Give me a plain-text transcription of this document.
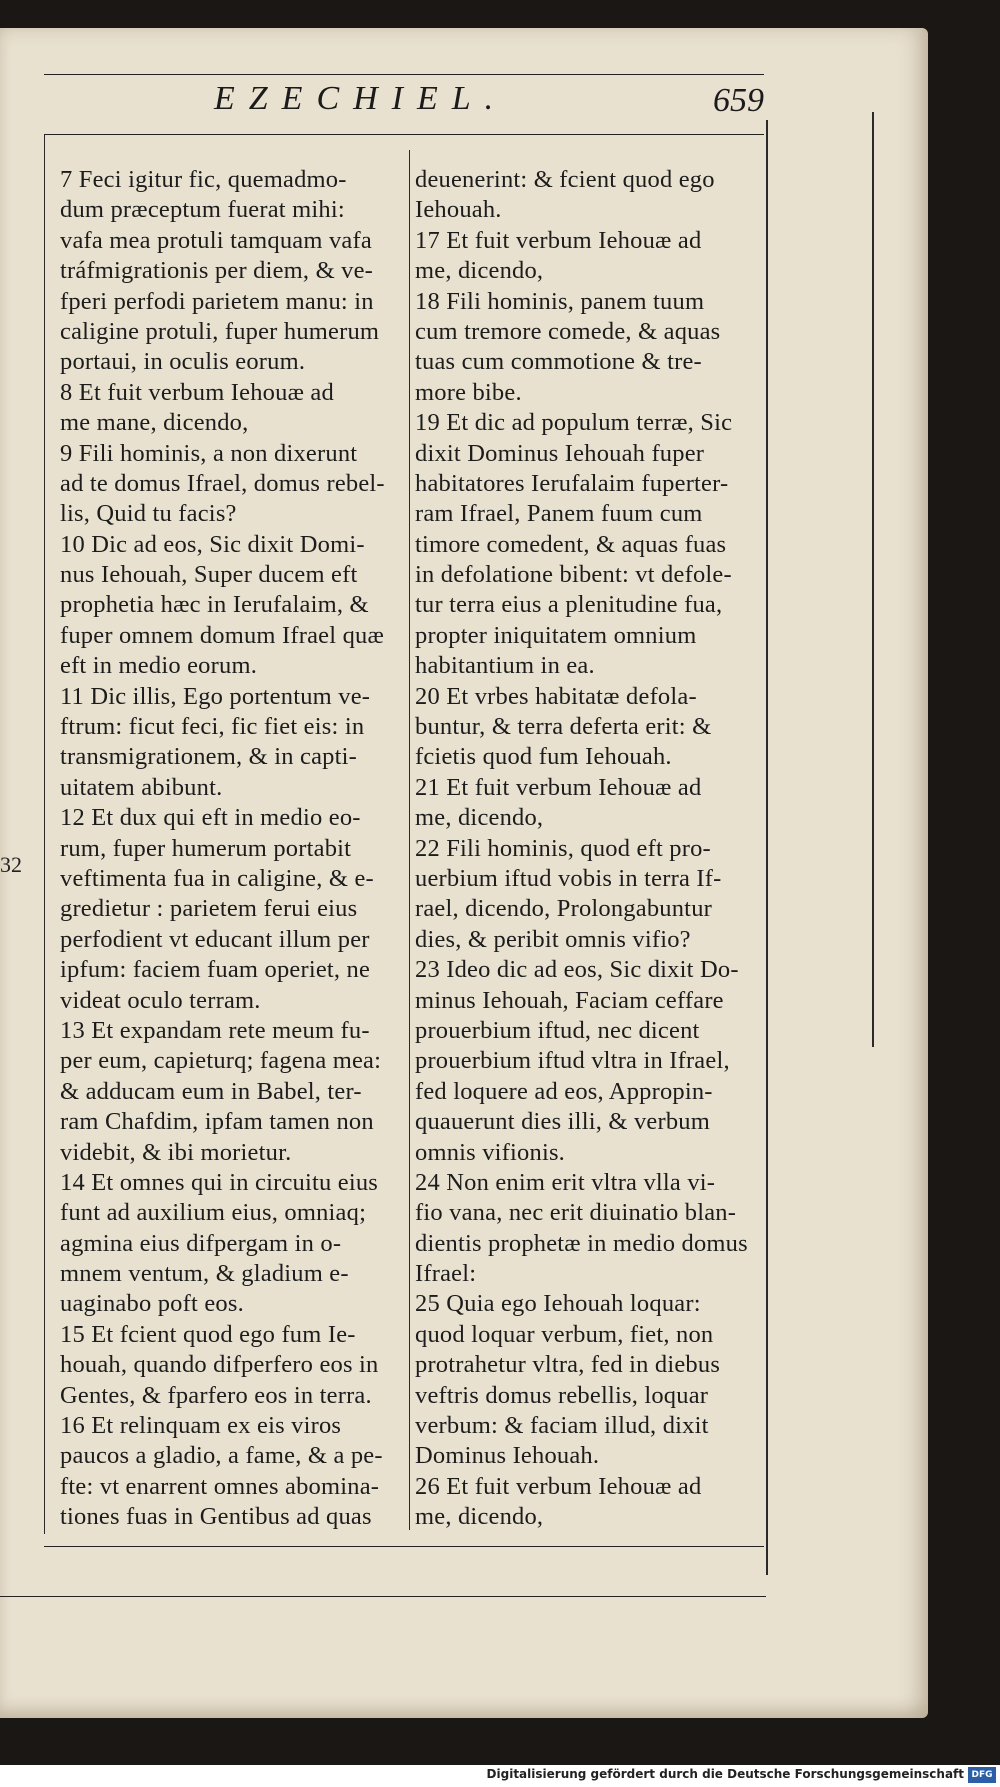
EZECHIEL.	659
32
7 Feci igitur fic, quemadmo-
dum præceptum fuerat mihi:
vafa mea protuli tamquam vafa
tráfmigrationis per diem, & ve-
fperi perfodi parietem manu: in
caligine protuli, fuper humerum
portaui, in oculis eorum.
8 Et fuit verbum Iehouæ ad
me mane, dicendo,
9 Fili hominis, a non dixerunt
ad te domus Ifrael, domus rebel-
lis, Quid tu facis?
10 Dic ad eos, Sic dixit Domi-
nus Iehouah, Super ducem eft
prophetia hæc in Ierufalaim, &
fuper omnem domum Ifrael quæ
eft in medio eorum.
11 Dic illis, Ego portentum ve-
ftrum: ficut feci, fic fiet eis: in
transmigrationem, & in capti-
uitatem abibunt.
12 Et dux qui eft in medio eo-
rum, fuper humerum portabit
veftimenta fua in caligine, & e-
gredietur : parietem ferui eius
perfodient vt educant illum per
ipfum: faciem fuam operiet, ne
videat oculo terram.
13 Et expandam rete meum fu-
per eum, capieturq; fagena mea:
& adducam eum in Babel, ter-
ram Chafdim, ipfam tamen non
videbit, & ibi morietur.
14 Et omnes qui in circuitu eius
funt ad auxilium eius, omniaq;
agmina eius difpergam in o-
mnem ventum, & gladium e-
uaginabo poft eos.
15 Et fcient quod ego fum Ie-
houah, quando difperfero eos in
Gentes, & fparfero eos in terra.
16 Et relinquam ex eis viros
paucos a gladio, a fame, & a pe-
fte: vt enarrent omnes abomina-
tiones fuas in Gentibus ad quas
deuenerint: & fcient quod ego
Iehouah.
17 Et fuit verbum Iehouæ ad
me, dicendo,
18 Fili hominis, panem tuum
cum tremore comede, & aquas
tuas cum commotione & tre-
more bibe.
19 Et dic ad populum terræ, Sic
dixit Dominus Iehouah fuper
habitatores Ierufalaim fuperter-
ram Ifrael, Panem fuum cum
timore comedent, & aquas fuas
in defolatione bibent: vt defole-
tur terra eius a plenitudine fua,
propter iniquitatem omnium
habitantium in ea.
20 Et vrbes habitatæ defola-
buntur, & terra deferta erit: &
fcietis quod fum Iehouah.
21 Et fuit verbum Iehouæ ad
me, dicendo,
22 Fili hominis, quod eft pro-
uerbium iftud vobis in terra If-
rael, dicendo, Prolongabuntur
dies, & peribit omnis vifio?
23 Ideo dic ad eos, Sic dixit Do-
minus Iehouah, Faciam ceffare
prouerbium iftud, nec dicent
prouerbium iftud vltra in Ifrael,
fed loquere ad eos, Appropin-
quauerunt dies illi, & verbum
omnis vifionis.
24 Non enim erit vltra vlla vi-
fio vana, nec erit diuinatio blan-
dientis prophetæ in medio domus
Ifrael:
25 Quia ego Iehouah loquar:
quod loquar verbum, fiet, non
protrahetur vltra, fed in diebus
veftris domus rebellis, loquar
verbum: & faciam illud, dixit
Dominus Iehouah.
26 Et fuit verbum Iehouæ ad
me, dicendo,
Digitalisierung gefördert durch die Deutsche Forschungsgemeinschaft DFG
